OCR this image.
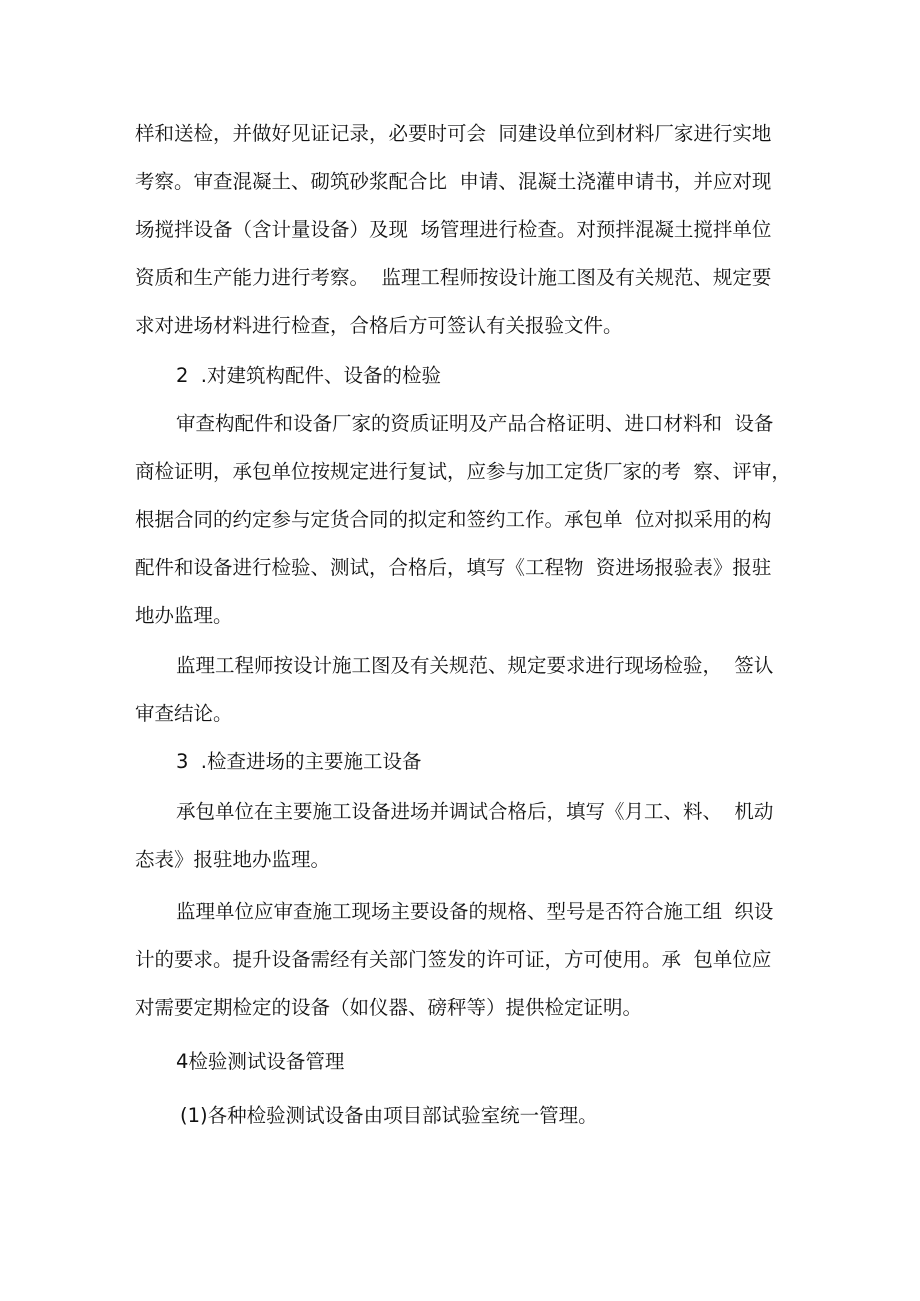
样和送检，并做好见证记录，必要时可会  同建设单位到材料厂家进行实地
考察。审查混凝土、砌筑砂浆配合比  申请、混凝土浇灌申请书，并应对现
场搅拌设备（含计量设备）及现  场管理进行检查。对预拌混凝土搅拌单位
资质和生产能力进行考察。  监理工程师按设计施工图及有关规范、规定要
求对进场材料进行检查，合格后方可签认有关报验文件。
2  .对建筑构配件、设备的检验
审查构配件和设备厂家的资质证明及产品合格证明、进口材料和  设备
商检证明，承包单位按规定进行复试，应参与加工定货厂家的考  察、评审，
根据合同的约定参与定货合同的拟定和签约工作。承包单  位对拟采用的构
配件和设备进行检验、测试，合格后，填写《工程物  资进场报验表》报驻
地办监理。
监理工程师按设计施工图及有关规范、规定要求进行现场检验，  签认
审查结论。
3  .检查进场的主要施工设备
承包单位在主要施工设备进场并调试合格后，填写《月工、料、  机动
态表》报驻地办监理。
监理单位应审查施工现场主要设备的规格、型号是否符合施工组  织设
计的要求。提升设备需经有关部门签发的许可证，方可使用。承  包单位应
对需要定期检定的设备（如仪器、磅秤等）提供检定证明。
4检验测试设备管理
(1)各种检验测试设备由项目部试验室统一管理。
